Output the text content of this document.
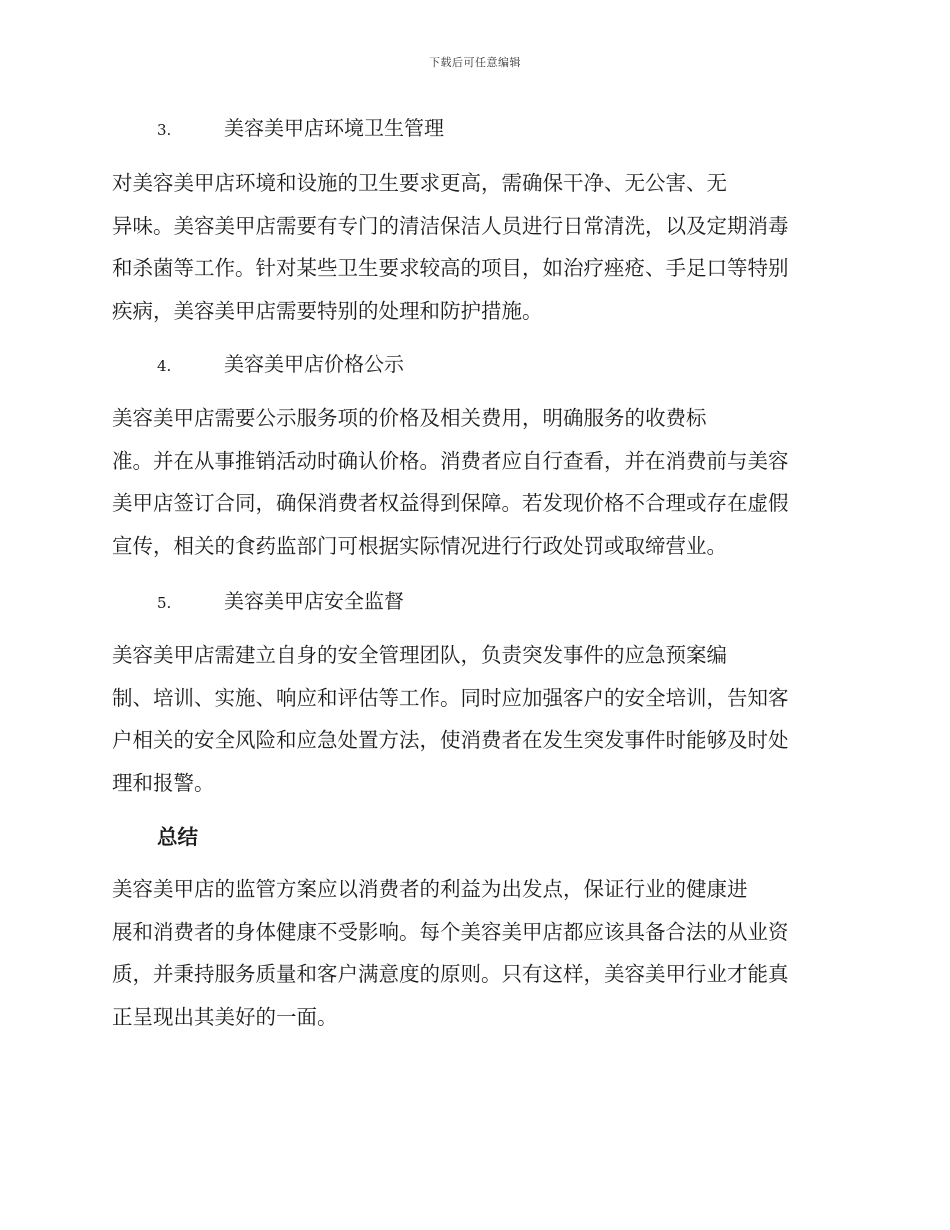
下载后可任意编辑
3.	美容美甲店环境卫生管理

对美容美甲店环境和设施的卫生要求更高，需确保干净、无公害、无
异味。美容美甲店需要有专门的清洁保洁人员进行日常清洗，以及定期消毒
和杀菌等工作。针对某些卫生要求较高的项目，如治疗痤疮、手足口等特别
疾病，美容美甲店需要特别的处理和防护措施。

4.	美容美甲店价格公示

美容美甲店需要公示服务项的价格及相关费用，明确服务的收费标
准。并在从事推销活动时确认价格。消费者应自行查看，并在消费前与美容
美甲店签订合同，确保消费者权益得到保障。若发现价格不合理或存在虚假
宣传，相关的食药监部门可根据实际情况进行行政处罚或取缔营业。

5.	美容美甲店安全监督

美容美甲店需建立自身的安全管理团队，负责突发事件的应急预案编
制、培训、实施、响应和评估等工作。同时应加强客户的安全培训，告知客
户相关的安全风险和应急处置方法，使消费者在发生突发事件时能够及时处
理和报警。

总结

美容美甲店的监管方案应以消费者的利益为出发点，保证行业的健康进
展和消费者的身体健康不受影响。每个美容美甲店都应该具备合法的从业资
质，并秉持服务质量和客户满意度的原则。只有这样，美容美甲行业才能真
正呈现出其美好的一面。
